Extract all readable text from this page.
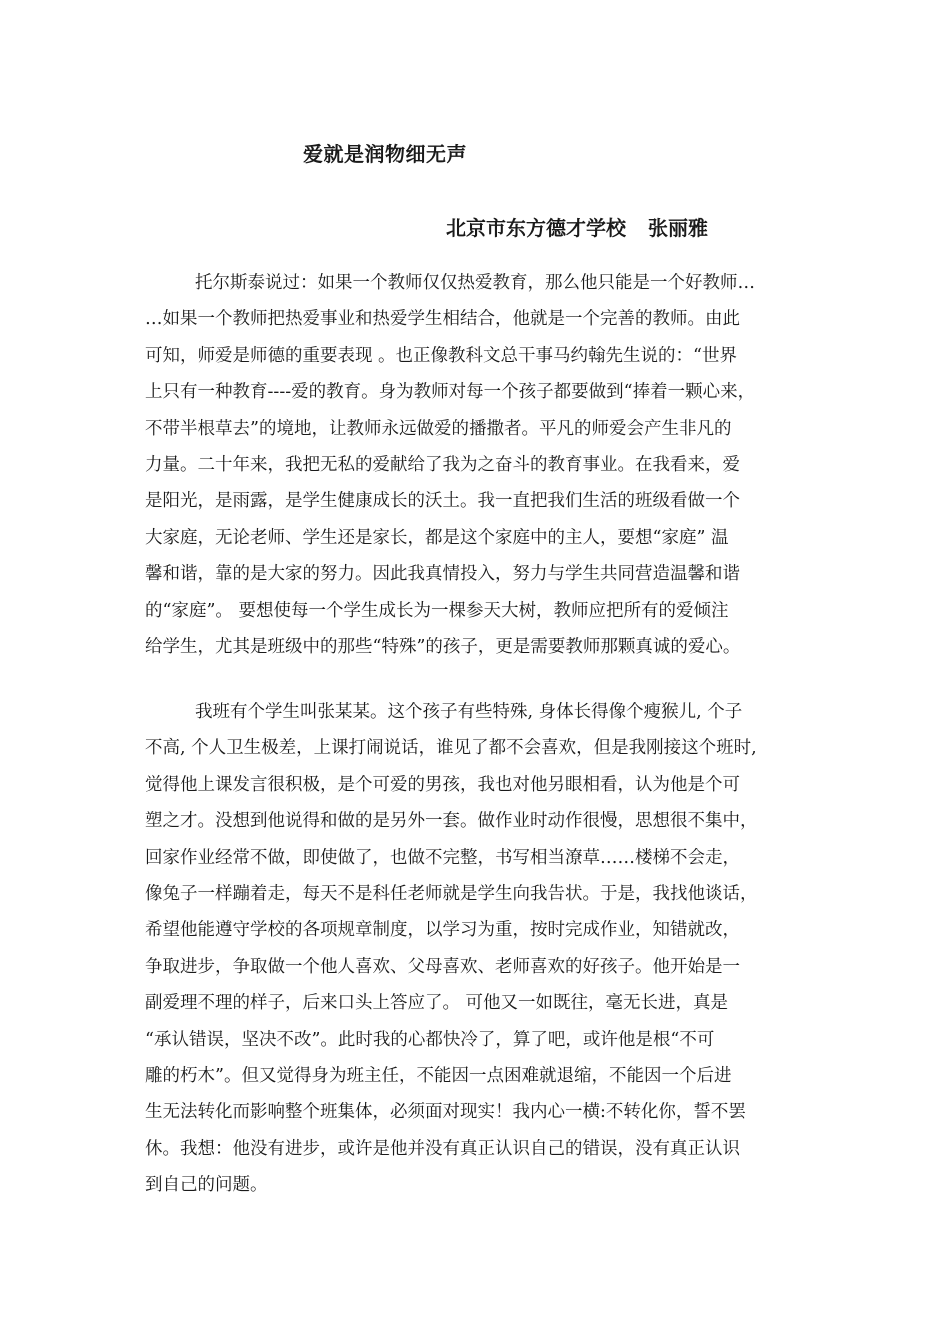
爱就是润物细无声
北京市东方德才学校 张丽雅
托尔斯泰说过：如果一个教师仅仅热爱教育，那么他只能是一个好教师…
…如果一个教师把热爱事业和热爱学生相结合，他就是一个完善的教师。由此
可知，师爱是师德的重要表现 。也正像教科文总干事马约翰先生说的：“世界
上只有一种教育----爱的教育。身为教师对每一个孩子都要做到“捧着一颗心来，
不带半根草去”的境地，让教师永远做爱的播撒者。平凡的师爱会产生非凡的
力量。二十年来，我把无私的爱献给了我为之奋斗的教育事业。在我看来，爱
是阳光，是雨露，是学生健康成长的沃土。我一直把我们生活的班级看做一个
大家庭，无论老师、学生还是家长，都是这个家庭中的主人，要想“家庭” 温
馨和谐，靠的是大家的努力。因此我真情投入，努力与学生共同营造温馨和谐
的“家庭”。 要想使每一个学生成长为一棵参天大树，教师应把所有的爱倾注
给学生，尤其是班级中的那些“特殊”的孩子，更是需要教师那颗真诚的爱心。
我班有个学生叫张某某。这个孩子有些特殊, 身体长得像个瘦猴儿, 个子
不高, 个人卫生极差，上课打闹说话，谁见了都不会喜欢，但是我刚接这个班时,
觉得他上课发言很积极，是个可爱的男孩，我也对他另眼相看，认为他是个可
塑之才。没想到他说得和做的是另外一套。做作业时动作很慢，思想很不集中，
回家作业经常不做，即使做了，也做不完整，书写相当潦草……楼梯不会走，
像兔子一样蹦着走，每天不是科任老师就是学生向我告状。于是，我找他谈话，
希望他能遵守学校的各项规章制度，以学习为重，按时完成作业，知错就改，
争取进步，争取做一个他人喜欢、父母喜欢、老师喜欢的好孩子。他开始是一
副爱理不理的样子，后来口头上答应了。 可他又一如既往，毫无长进，真是
“承认错误，坚决不改”。此时我的心都快冷了，算了吧，或许他是根“不可
雕的朽木”。但又觉得身为班主任，不能因一点困难就退缩，不能因一个后进
生无法转化而影响整个班集体，必须面对现实！我内心一横:不转化你，誓不罢
休。我想：他没有进步，或许是他并没有真正认识自己的错误，没有真正认识
到自己的问题。
